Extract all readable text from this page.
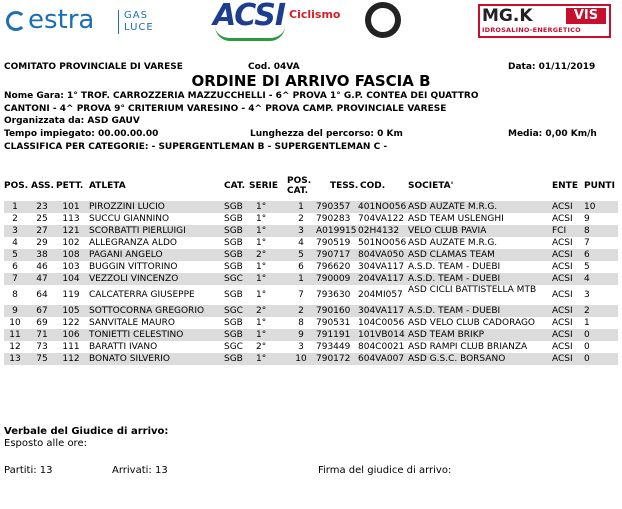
estra	GAS
LUCE ACSI Ciclismo	MG.K	VIS
IDROSALINO-ENERGETICO
COMITATO PROVINCIALE DI VARESE	Cod. 04VA	Data: 01/11/2019
ORDINE DI ARRIVO FASCIA B
Nome Gara: 1° TROF. CARROZZERIA MAZZUCCHELLI - 6^ PROVA 1° G.P. CONTEA DEI QUATTRO
CANTONI - 4^ PROVA 9° CRITERIUM VARESINO - 4^ PROVA CAMP. PROVINCIALE VARESE
Organizzata da: ASD GAUV
Tempo impiegato: 00.00.00.00	Lunghezza del percorso: 0 Km	Media: 0,00 Km/h
CLASSIFICA PER CATEGORIE: - SUPERGENTLEMAN B - SUPERGENTLEMAN C -
POS. ASS. PETT. ATLETA	CAT. SERIE POS.
CAT. TESS. COD.	SOCIETA'	ENTE PUNTI
1	23	101	PIROZZINI LUCIO	SGB	1°	1	790357 401NO056 ASD AUZATE M.R.G.	ACSI	10
2	25	113	SUCCU GIANNINO	SGB	1°	2	790283 704VA122 ASD TEAM USLENGHI	ACSI	9
3	27	121	SCORBATTI PIERLUIGI	SGB	1°	3	A019915 02H4132 VELO CLUB PAVIA	FCI	8
4	29	102	ALLEGRANZA ALDO	SGB	1°	4	790519 501NO056 ASD AUZATE M.R.G.	ACSI	7
5	38	108	PAGANI ANGELO	SGB	2°	5	790717 804VA050 ASD CLAMAS TEAM	ACSI	6
6	46	103	BUGGIN VITTORINO	SGB	1°	6	796620 304VA117 A.S.D. TEAM - DUEBI	ACSI	5
7	47	104	VEZZOLI VINCENZO	SGC	1°	1	790009 204VA117 A.S.D. TEAM - DUEBI	ACSI	4
8	64	119	CALCATERRA GIUSEPPE	SGB	1°	7	793630 204MI057 ASD CICLI BATTISTELLA MTB	ACSI	3
9	67	105	SOTTOCORNA GREGORIO	SGC	2°	2	790160 304VA117 A.S.D. TEAM - DUEBI	ACSI	2
10	69	122	SANVITALE MAURO	SGB	1°	8	790531 104C0056 ASD VELO CLUB CADORAGO	ACSI	1
11	71	106	TONIETTI CELESTINO	SGB	1°	9	791191 101VB014 ASD TEAM BRIKP	ACSI	0
12	73	111	BARATTI IVANO	SGC	2°	3	793449 804C0021 ASD RAMPI CLUB BRIANZA	ACSI	0
13	75	112	BONATO SILVERIO	SGB	1°	10	790172 604VA007 ASD G.S.C. BORSANO	ACSI	0
Verbale del Giudice di arrivo:
Esposto alle ore:
Partiti: 13	Arrivati: 13	Firma del giudice di arrivo:
